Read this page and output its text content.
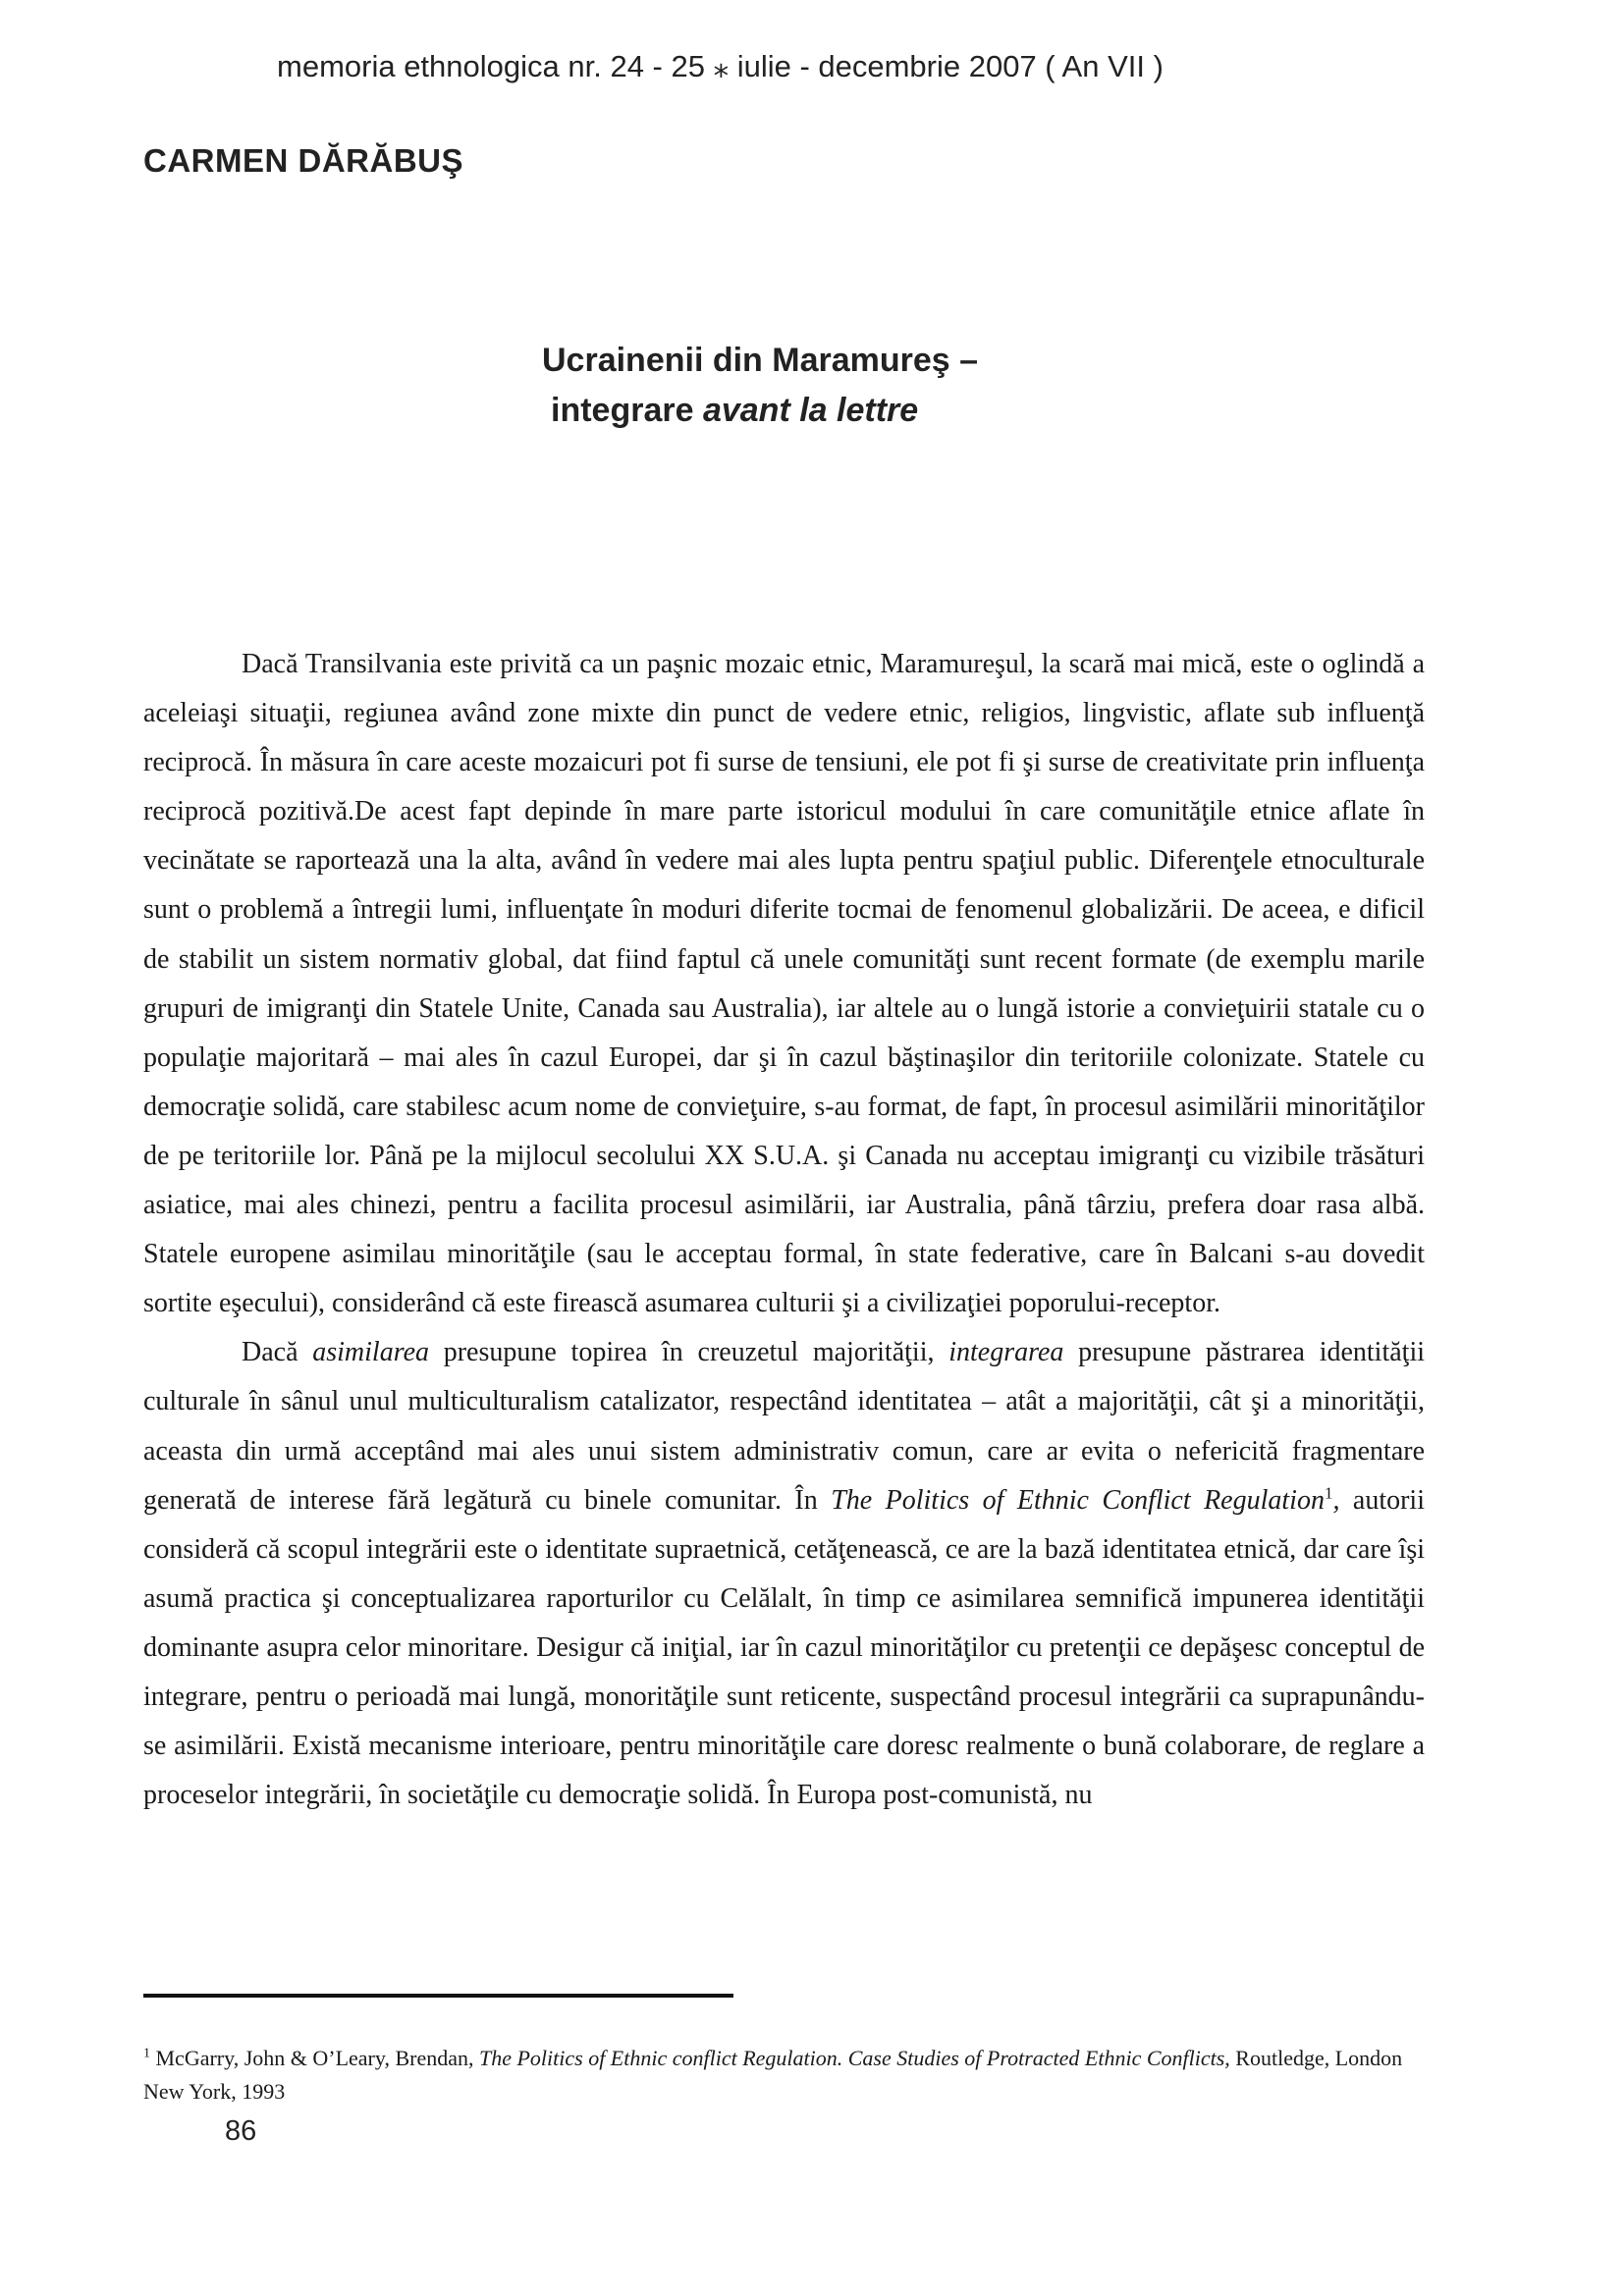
memoria ethnologica nr. 24 - 25 ⁎ iulie - decembrie 2007 ( An VII )
CARMEN DĂRĂBUŞ
Ucrainenii din Maramureş –
integrare avant la lettre

Dacă Transilvania este privită ca un paşnic mozaic etnic, Maramureşul, la scară mai mică, este o oglindă a aceleiaşi situaţii, regiunea având zone mixte din punct de vedere etnic, religios, lingvistic, aflate sub influenţă reciprocă. În măsura în care aceste mozaicuri pot fi surse de tensiuni, ele pot fi şi surse de creativitate prin influenţa reciprocă pozitivă.De acest fapt depinde în mare parte istoricul modului în care comunităţile etnice aflate în vecinătate se raportează una la alta, având în vedere mai ales lupta pentru spaţiul public. Diferenţele etnoculturale sunt o problemă a întregii lumi, influenţate în moduri diferite tocmai de fenomenul globalizării. De aceea, e dificil de stabilit un sistem normativ global, dat fiind faptul că unele comunităţi sunt recent formate (de exemplu marile grupuri de imigranţi din Statele Unite, Canada sau Australia), iar altele au o lungă istorie a convieţuirii statale cu o populaţie majoritară – mai ales în cazul Europei, dar şi în cazul băştinaşilor din teritoriile colonizate. Statele cu democraţie solidă, care stabilesc acum nome de convieţuire, s-au format, de fapt, în procesul asimilării minorităţilor de pe teritoriile lor. Până pe la mijlocul secolului XX S.U.A. şi Canada nu acceptau imigranţi cu vizibile trăsături asiatice, mai ales chinezi, pentru a facilita procesul asimilării, iar Australia, până târziu, prefera doar rasa albă. Statele europene asimilau minorităţile (sau le acceptau formal, în state federative, care în Balcani s-au dovedit sortite eşecului), considerând că este firească asumarea culturii şi a civilizaţiei poporului-receptor.

Dacă asimilarea presupune topirea în creuzetul majorităţii, integrarea presupune păstrarea identităţii culturale în sânul unul multiculturalism catalizator, respectând identitatea – atât a majorităţii, cât şi a minorităţii, aceasta din urmă acceptând mai ales unui sistem administrativ comun, care ar evita o nefericită fragmentare generată de interese fără legătură cu binele comunitar. În The Politics of Ethnic Conflict Regulation$^1$, autorii consideră că scopul integrării este o identitate supraetnică, cetăţenească, ce are la bază identitatea etnică, dar care îşi asumă practica şi conceptualizarea raporturilor cu Celălalt, în timp ce asimilarea semnifică impunerea identităţii dominante asupra celor minoritare. Desigur că iniţial, iar în cazul minorităţilor cu pretenţii ce depăşesc conceptul de integrare, pentru o perioadă mai lungă, monorităţile sunt reticente, suspectând procesul integrării ca suprapunându-se asimilării. Există mecanisme interioare, pentru minorităţile care doresc realmente o bună colaborare, de reglare a proceselor integrării, în societăţile cu democraţie solidă. În Europa post-comunistă, nu

$^1$ McGarry, John & O’Leary, Brendan, The Politics of Ethnic conflict Regulation. Case Studies of Protracted Ethnic Conflicts, Routledge, London New York, 1993
86
